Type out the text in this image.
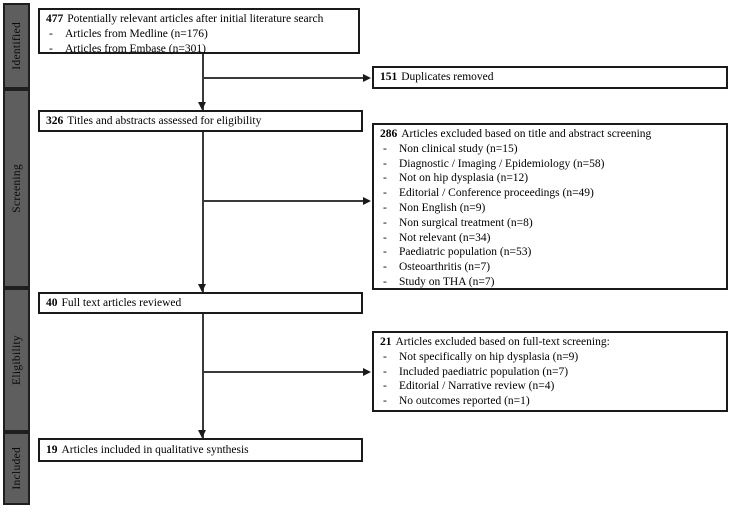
Identified
Screening
Eligibility
Included
477 Potentially relevant articles after initial literature search
-	Articles from Medline (n=176)
-	Articles from Embase (n=301)
326 Titles and abstracts assessed for eligibility
40 Full text articles reviewed
19 Articles included in qualitative synthesis
151 Duplicates removed
286 Articles excluded based on title and abstract screening
-	Non clinical study (n=15)
-	Diagnostic / Imaging / Epidemiology (n=58)
-	Not on hip dysplasia (n=12)
-	Editorial / Conference proceedings (n=49)
-	Non English (n=9)
-	Non surgical treatment (n=8)
-	Not relevant (n=34)
-	Paediatric population (n=53)
-	Osteoarthritis (n=7)
-	Study on THA (n=7)
21 Articles excluded based on full-text screening:
-	Not specifically on hip dysplasia (n=9)
-	Included paediatric population (n=7)
-	Editorial / Narrative review (n=4)
-	No outcomes reported (n=1)
